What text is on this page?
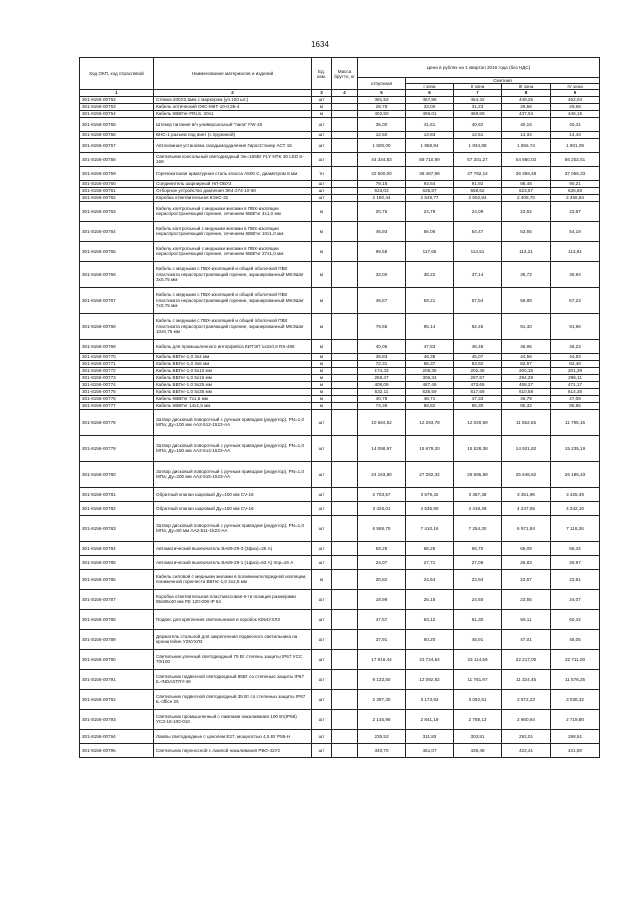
1634
Код ОКП, код отраслевой	Наименование материалов и изделий	Ед. изм.	Масса брутто, кг	Цена в рублях на 1 квартал 2016 года (без НДС)				
				отпускная	Сметная			
					I зона	II зона	III зона	IV зона
1	2	3	4	5	6	7	8	9
301-8156-00752	Стяжка 200Х2,5мм с маркером (уп.100 шт.)	шт		391,53	467,86	454,42	449,25	452,04
301-8156-00753	Кабель оптический ОКС-М6Т-10-0,35-4	м		26,78	33,00	31,23	29,56	29,68
301-8156-00754	Кабель КВВГнг-FRLS, 20х1	м		402,50	496,01	469,69	437,04	446,15
301-8156-00755	Штекер питания в/ч универсальный "папа" FW-18	шт		35,00	41,61	40,62	40,16	40,41
301-8156-00756	ВНС-1 разъем под винт (с пружиной)	шт		12,50	14,83	14,51	14,34	14,43
301-8156-00757	Автономная установка газодымоудаления ГиросСтанер АСТ 15	шт		1 500,00	1 968,94	1 934,88	1 856,74	1 901,09
301-8156-00758	Светильник консольный светодиодный Эн=165Вт FLY NTK 30 LED 8-168	шт		44 344,83	59 710,99	57 201,27	54 980,02	56 202,51
301-8156-00759	Горячекатаная арматурная сталь класса А500 С, диаметром 8 мм	тн		32 500,00	38 467,99	37 782,14	36 359,48	37 056,33
301-8156-00760	Соединитель шарнирный НЛ-ОБУ3	шт		79,15	93,64	91,92	88,48	90,21
301-8156-00761	Отборное устройство давления ЭК4-274-10-90	шт		533,03	635,87	558,62	623,67	636,66
301-8156-00762	Коробка ответвительная КЭнС-32	шт		2 190,44	2 549,77	2 502,84	2 409,70	2 456,64
301-8156-00763	Кабель контрольный с медными жилами в ПВХ-изоляции нераспространяющий горение, сечением КВВГнг 4х1,0 мм	м		20,76	24,79	24,09	23,62	23,87
301-8156-00764	Кабель контрольный с медными жилами в ПВХ-изоляции нераспространяющий горение, сечением КВВГнг 10х1,0 мм	м		46,93	56,06	54,47	53,65	54,18
301-8156-00765	Кабель контрольный с медными жилами в ПВХ-изоляции нераспространяющий горение, сечением КВВГнг 27х1,0 мм	м		98,56	117,65	114,51	113,21	113,91
301-8156-00766	Кабель с медными с ПВХ-изоляцией и общей оболочкой ПВХ пластиката нераспространяющий горение, экранированный МКЭШнг 3х0,75 мм	м		32,00	38,22	37,14	36,72	36,94
301-8156-00767	Кабель с медными с ПВХ-изоляцией и общей оболочкой ПВХ пластиката нераспространяющий горение, экранированный МКЭШнг 7х0,75 мм	м		49,57	59,21	57,54	56,88	57,23
301-8156-00768	Кабель с медными с ПВХ-изоляцией и общей оболочкой ПВХ пластиката нераспространяющий горение, экранированный МКЭШнг 10х0,75 мм	м		79,65	95,14	92,45	91,40	91,96
301-8156-00769	Кабель для промышленного интерфейса КИТЭП 1х2х0,6 RS-485	м		40,05	47,83	46,48	45,95	46,23
301-8156-00770	Кабель ВВГнг-1,0 3х4 мм	м		38,83	46,38	45,07	44,56	44,83
301-8156-00771	Кабель ВВГнг-1,0 3х6 мм	м		72,31	86,37	83,92	82,97	83,48
301-8156-00772	Кабель ВВГнг-1,0 5х10 мм	м		174,43	208,35	202,45	200,15	201,39
301-8156-00773	Кабель ВВГнг-1,0 5х16 мм	м		256,47	306,34	297,67	294,29	296,11
301-8156-00774	Кабель ВВГнг-1,0 5х25 мм	м		408,09	487,45	473,65	468,27	471,17
301-8156-00775	Кабель ВВГнг-1,0 5х35 мм	м		532,11	635,59	617,59	610,58	614,36
301-8156-00776	Кабель КВВГнг 7х1,5 мм	м		40,78	48,71	47,33	46,79	47,08
301-8156-00777	Кабель КВВГнг 14х1,5 мм	м		74,36	88,82	86,30	85,32	85,85
301-8156-00778	Затвор дисковый поворотный с ручным приводом (редуктор), PN=1,0 МПа; Ду=100 мм АА2-512-1523-АА	шт		10 584,52	12 293,78	12 020,59	11 552,55	11 795,16
301-8156-00779	Затвор дисковый поворотный с ручным приводом (редуктор), PN=1,0 МПа; Ду=150 мм АА2-514-1523-АА	шт		14 058,97	15 679,20	15 528,38	14 921,82	15 235,19
301-8156-00780	Затвор дисковый поворотный с ручным приводом (редуктор), PN=1,0 МПа; Ду=200 мм АА2-515-1523-АА	шт		24 163,80	27 282,32	26 685,89	25 646,82	26 185,43
301-8156-00781	Обратный клапан шаровый Ду=100 мм CV-16	шт		2 703,57	3 579,42	3 487,38	3 351,96	3 425,49
301-8156-00782	Обратный клапан шаровый Ду=150 мм CV-16	шт		3 426,01	4 535,90	4 419,28	4 247,65	4 342,10
301-8156-00783	Затвор дисковый поворотный с ручным приводом (редуктор), PN=1,0 МПа; Ду=80 мм АА2-511-1523-АА	шт		6 568,70	7 410,16	7 254,30	6 971,84	7 116,26
301-8156-00784	Автоматический выключатель ВА69-29-3 (3фаз)=25 А)	шт		59,29	68,26	66,70	65,09	66,42
301-8156-00785	Автоматический выключатель ВА69-29-1 (1фаз)=63 А) Imp=16 А	шт		24,07	27,71	27,08	26,83	26,97
301-8156-00786	Кабель силовой с медными жилами в поливинилхлоридной изоляции, пониженной горючести ВВГнг-1,0 2х2,5 мм	м		20,82	24,64	23,94	23,67	23,81
301-8156-00787	Коробка ответвительная пластмассовая 6-ти позиция размерами 85х85х40 мм PE 120-008 IP 54	шт		18,99	25,15	24,50	23,55	24,07
301-8156-00788	Подвес для крепления светильников и коробок К054УХЛ3	шт		47,57	63,12	61,30	59,11	60,42
301-8156-00789	Держатель стальной для закрепления подвесного светильника на кронштейне У25УХЛ3	шт		37,91	50,20	48,91	47,01	48,05
301-8156-00790	Светильник уличный светодиодный 75 Вт степень защиты IP67 УСС 70/100	шт		17 916,44	23 724,64	23 114,59	22 217,00	22 711,00
301-8156-00791	Светильник подвесной светодиодный 85Вт со степенью защиты IP67 IL-INDASTRY-48	шт		9 133,50	12 092,82	11 781,97	11 324,45	11 576,25
301-8156-00792	Светильник подвесной светодиодный 35 Вт со степенью защиты IP67 IL-office 25	шт		2 397,30	3 173,93	3 092,51	2 972,23	3 038,32
301-8156-00793	Светильник промышленный с лампами накаливания 100 Вт(IP65) УСЗ-18-100-010	шт		2 145,96	2 841,19	2 768,13	2 660,64	2 719,80
301-8156-00794	Лампы светодиодные с цоколем Е27, мощностью 4,5 Вт Р55-Н	шт		235,53	311,83	303,81	292,01	298,51
301-8156-00795	Светильник переносной с лампой накаливания РВО-42У2	шт		340,70	451,07	439,48	422,41	431,80
